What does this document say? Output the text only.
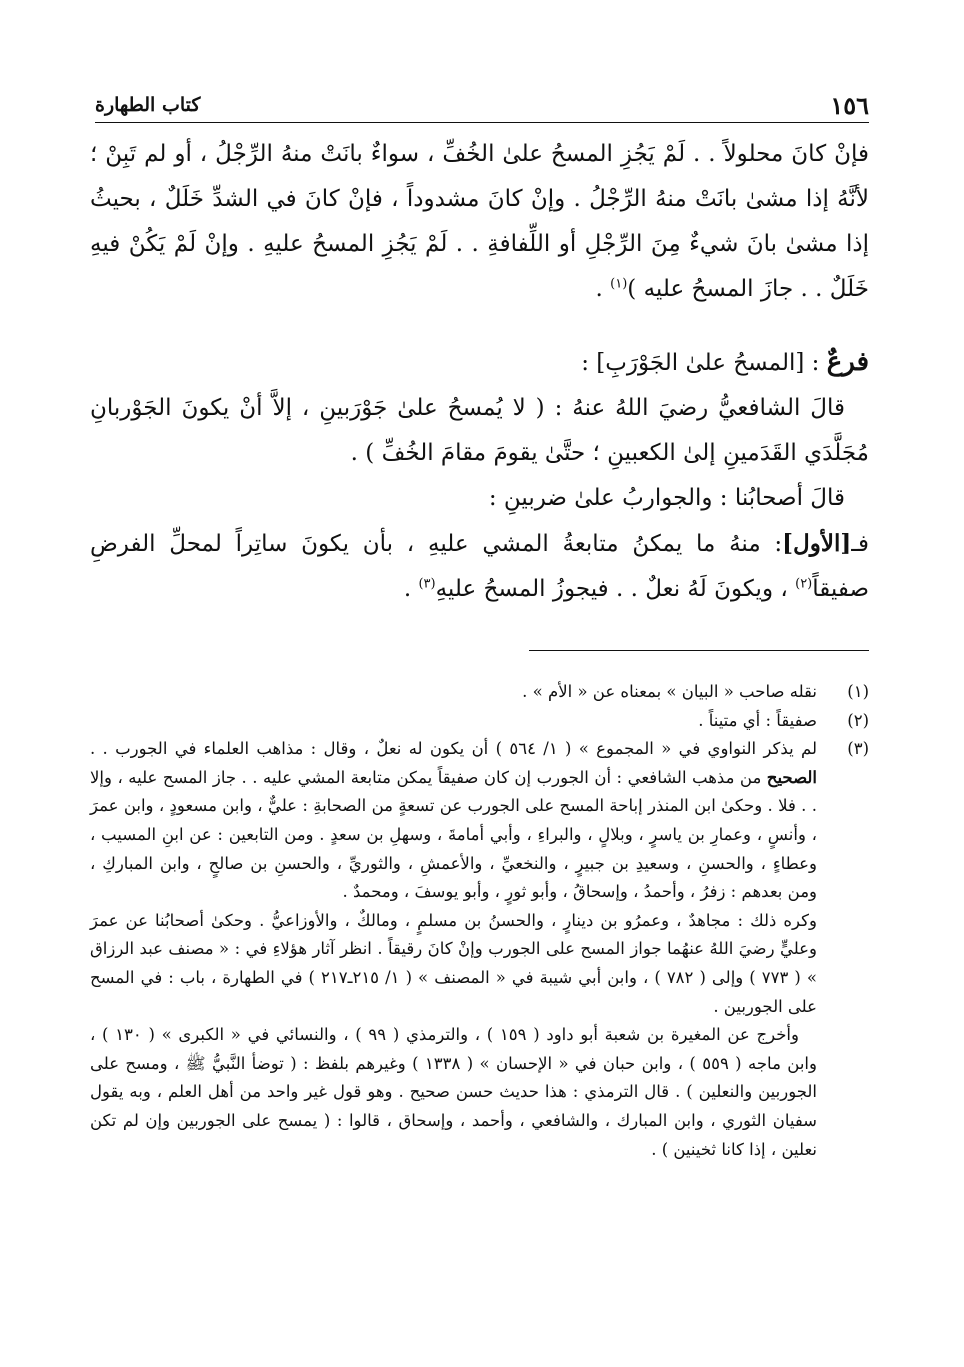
١٥٦
كتاب الطهارة

فإنْ كانَ محلولاً . . لَمْ يَجُزِ المسحُ علىٰ الخُفِّ ، سواءٌ بانَتْ منهُ الرِّجْلُ ، أو لم تَبِنْ ؛ لأنَّهُ إذا مشىٰ بانَتْ منهُ الرِّجْلُ . وإنْ كانَ مشدوداً ، فإنْ كانَ في الشدِّ خَلَلٌ ، بحيثُ إذا مشىٰ بانَ شيءٌ مِنَ الرِّجْلِ أو اللِّفافةِ . . لَمْ يَجُزِ المسحُ عليهِ . وإنْ لَمْ يَكُنْ فيهِ خَلَلٌ . . جازَ المسحُ عليه )$^{(١)}$ .

فرعٌ : [المسحُ علىٰ الجَوْرَبِ] :

قالَ الشافعيُّ رضيَ اللهُ عنهُ : ( لا يُمسحُ علىٰ جَوْرَبينِ ، إلاَّ أنْ يكونَ الجَوْربانِ مُجَلَّدَي القَدَمينِ إلىٰ الكعبينِ ؛ حتَّىٰ يقومَ مقامَ الخُفِّ ) .

قالَ أصحابُنا : والجواربُ علىٰ ضربينِ :

فـ[الأول]: منهُ ما يمكنُ متابعةُ المشي عليهِ ، بأن يكونَ ساتِراً لمحلِّ الفرضِ صفيقاً$^{(٢)}$ ، ويكونَ لَهُ نعلٌ . . فيجوزُ المسحُ عليهِ$^{(٣)}$ .

(١)
نقله صاحب « البيان » بمعناه عن « الأم » .
(٢)
صفيقاً : أي متيناً .
(٣)

لم يذكر النواوي في « المجموع » ( ١/ ٥٦٤ ) أن يكون له نعلٌ ، وقال : مذاهب العلماء في الجورب . . الصحيح من مذهب الشافعي : أن الجورب إن كان صفيقاً يمكن متابعة المشي عليه . . جاز المسح عليه ، وإلا . . فلا . وحكىٰ ابن المنذر إباحة المسح على الجورب عن تسعةٍ من الصحابةِ : عليٌّ ، وابن مسعودٍ ، وابن عمرَ ، وأنسٍ ، وعمارِ بن ياسرٍ ، وبلالٍ ، والبراءِ ، وأبي أمامةَ ، وسهلِ بن سعدٍ . ومن التابعين : عن ابنِ المسيب ، وعطاءٍ ، والحسنِ ، وسعيدِ بن جبيرٍ ، والنخعيِّ ، والأعمشِ ، والثوريِّ ، والحسنِ بن صالحٍ ، وابن المباركِ ، ومن بعدهم : زفرُ ، وأحمدُ ، وإسحاقُ ، وأبو ثورٍ ، وأبو يوسفَ ، ومحمدٌ .

وكره ذلك : مجاهدٌ ، وعمرُو بن دينارٍ ، والحسنُ بن مسلمٍ ، ومالكٌ ، والأوزاعيُّ . وحكىٰ أصحابُنا عن عمرَ وعليٍّ رضيَ اللهُ عنهُما جواز المسح على الجورب وإنْ كانَ رقيقاً . انظر آثار هؤلاءِ في : « مصنف عبد الرزاق » ( ٧٧٣ ) وإلى ( ٧٨٢ ) ، وابن أبي شيبة في « المصنف » ( ١/ ٢١٥ـ٢١٧ ) في الطهارة ، باب : في المسح على الجوربين .

وأخرج عن المغيرة بن شعبة أبو داود ( ١٥٩ ) ، والترمذي ( ٩٩ ) ، والنسائي في « الكبرى » ( ١٣٠ ) ، وابن ماجه ( ٥٥٩ ) ، وابن حبان في « الإحسان » ( ١٣٣٨ ) وغيرهم بلفظ : ( توضأ النَّبيُّ ﷺ ، ومسح على الجوربين والنعلين ) . قال الترمذي : هذا حديث حسن صحيح . وهو قول غير واحد من أهل العلم ، وبه يقول سفيان الثوري ، وابن المبارك ، والشافعي ، وأحمد ، وإسحاق ، قالوا : ( يمسح على الجوربين وإن لم تكن نعلين ، إذا كانا ثخينين ) .
